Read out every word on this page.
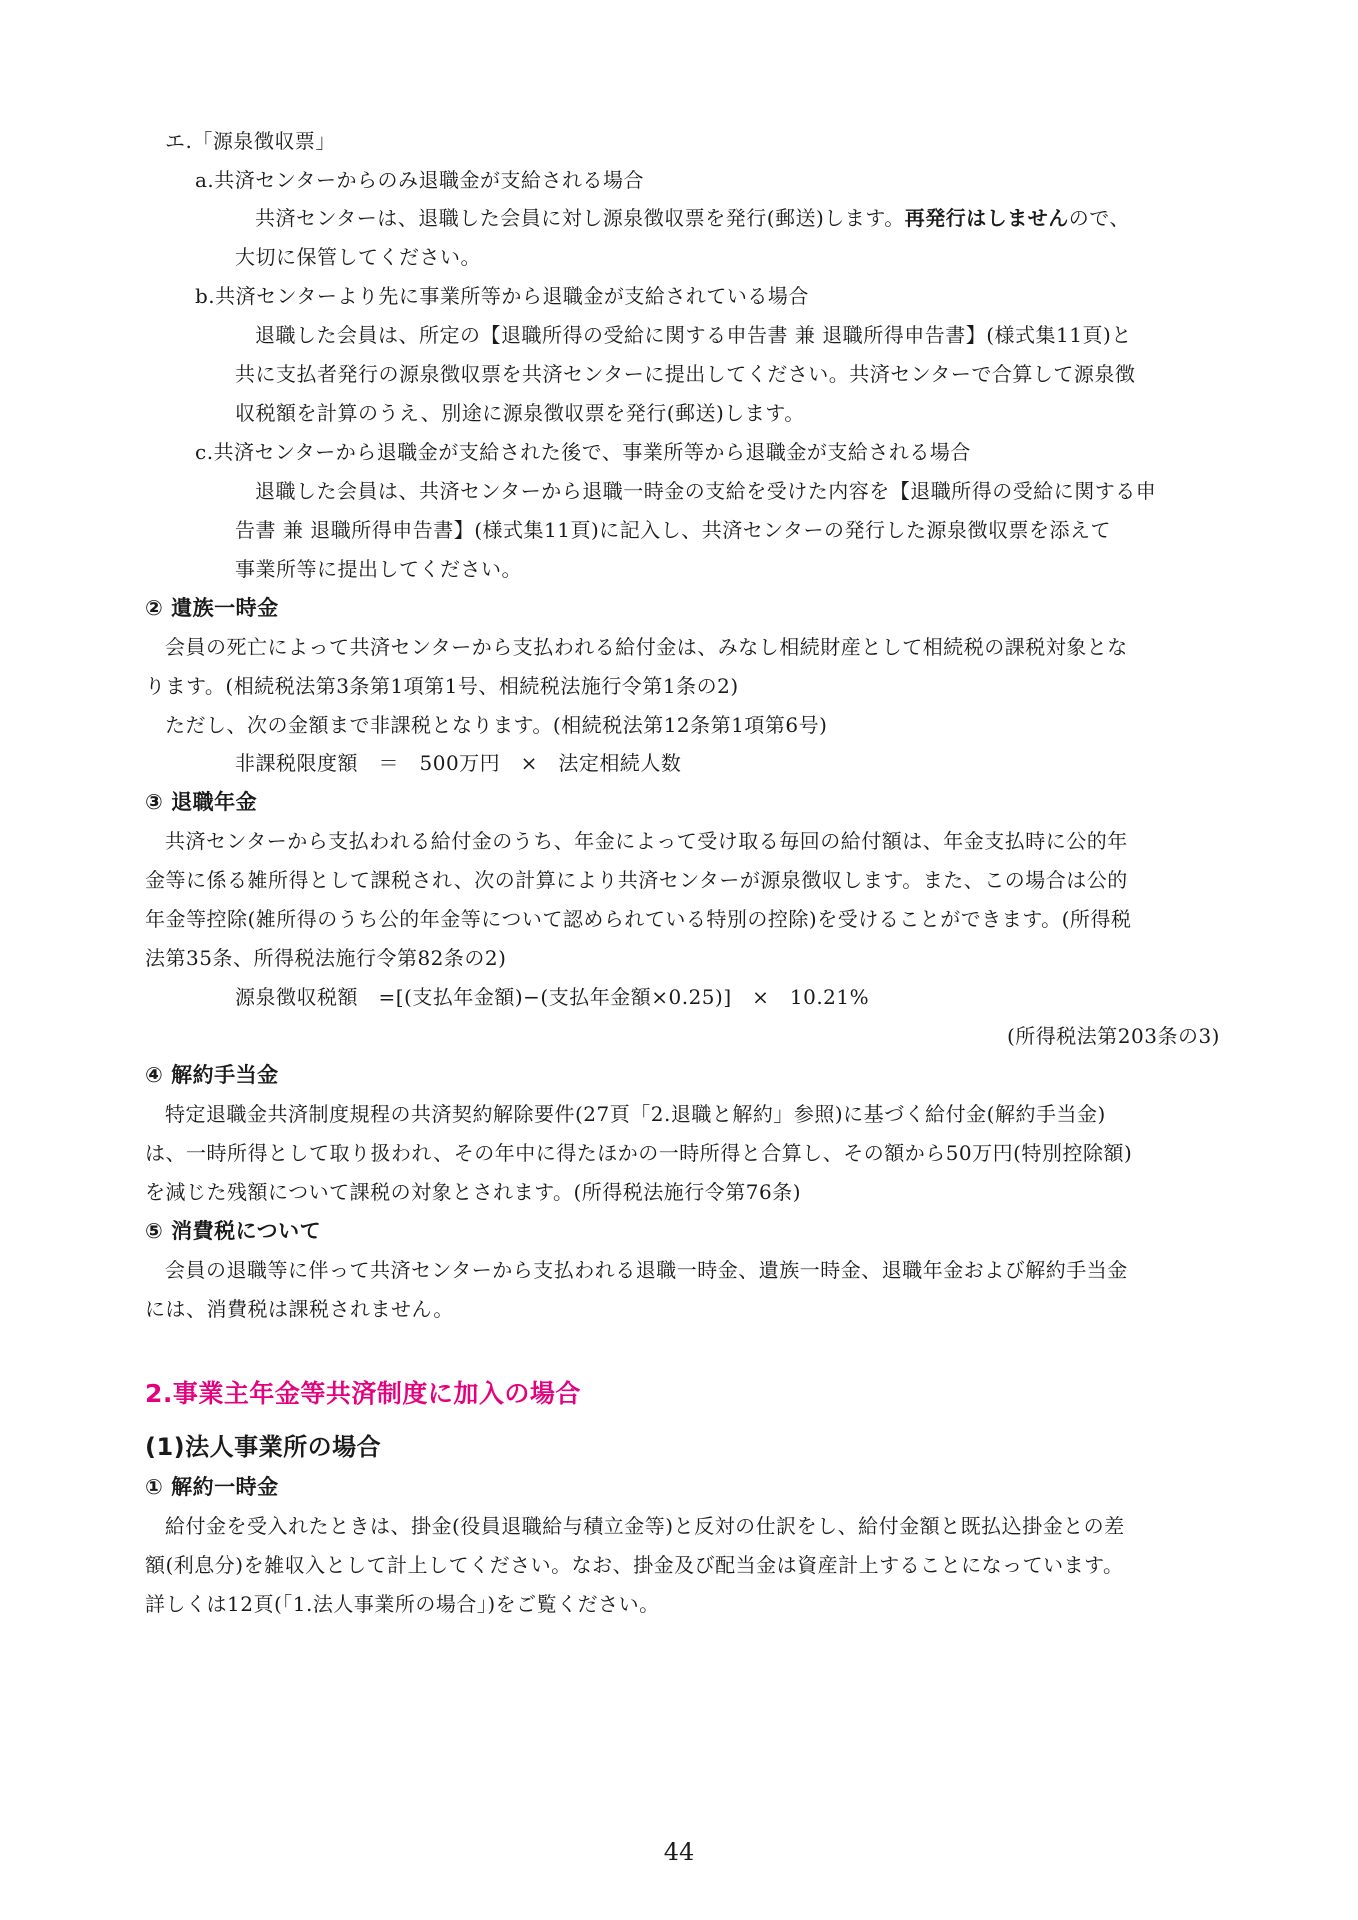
エ.「源泉徴収票」
a.共済センターからのみ退職金が支給される場合
共済センターは、退職した会員に対し源泉徴収票を発行(郵送)します。再発行はしませんので、
大切に保管してください。
b.共済センターより先に事業所等から退職金が支給されている場合
退職した会員は、所定の【退職所得の受給に関する申告書 兼 退職所得申告書】(様式集11頁)と
共に支払者発行の源泉徴収票を共済センターに提出してください。共済センターで合算して源泉徴
収税額を計算のうえ、別途に源泉徴収票を発行(郵送)します。
c.共済センターから退職金が支給された後で、事業所等から退職金が支給される場合
退職した会員は、共済センターから退職一時金の支給を受けた内容を【退職所得の受給に関する申
告書 兼 退職所得申告書】(様式集11頁)に記入し、共済センターの発行した源泉徴収票を添えて
事業所等に提出してください。
② 遺族一時金
会員の死亡によって共済センターから支払われる給付金は、みなし相続財産として相続税の課税対象とな
ります。(相続税法第3条第1項第1号、相続税法施行令第1条の2)
ただし、次の金額まで非課税となります。(相続税法第12条第1項第6号)
非課税限度額　＝　500万円　×　法定相続人数
③ 退職年金
共済センターから支払われる給付金のうち、年金によって受け取る毎回の給付額は、年金支払時に公的年
金等に係る雑所得として課税され、次の計算により共済センターが源泉徴収します。また、この場合は公的
年金等控除(雑所得のうち公的年金等について認められている特別の控除)を受けることができます。(所得税
法第35条、所得税法施行令第82条の2)
源泉徴収税額　=[(支払年金額)−(支払年金額×0.25)]　×　10.21%
(所得税法第203条の3)
④ 解約手当金
特定退職金共済制度規程の共済契約解除要件(27頁「2.退職と解約」参照)に基づく給付金(解約手当金)
は、一時所得として取り扱われ、その年中に得たほかの一時所得と合算し、その額から50万円(特別控除額)
を減じた残額について課税の対象とされます。(所得税法施行令第76条)
⑤ 消費税について
会員の退職等に伴って共済センターから支払われる退職一時金、遺族一時金、退職年金および解約手当金
には、消費税は課税されません。
2.事業主年金等共済制度に加入の場合
(1)法人事業所の場合
① 解約一時金
給付金を受入れたときは、掛金(役員退職給与積立金等)と反対の仕訳をし、給付金額と既払込掛金との差
額(利息分)を雑収入として計上してください。なお、掛金及び配当金は資産計上することになっています。
詳しくは12頁(「1.法人事業所の場合」)をご覧ください。
44
